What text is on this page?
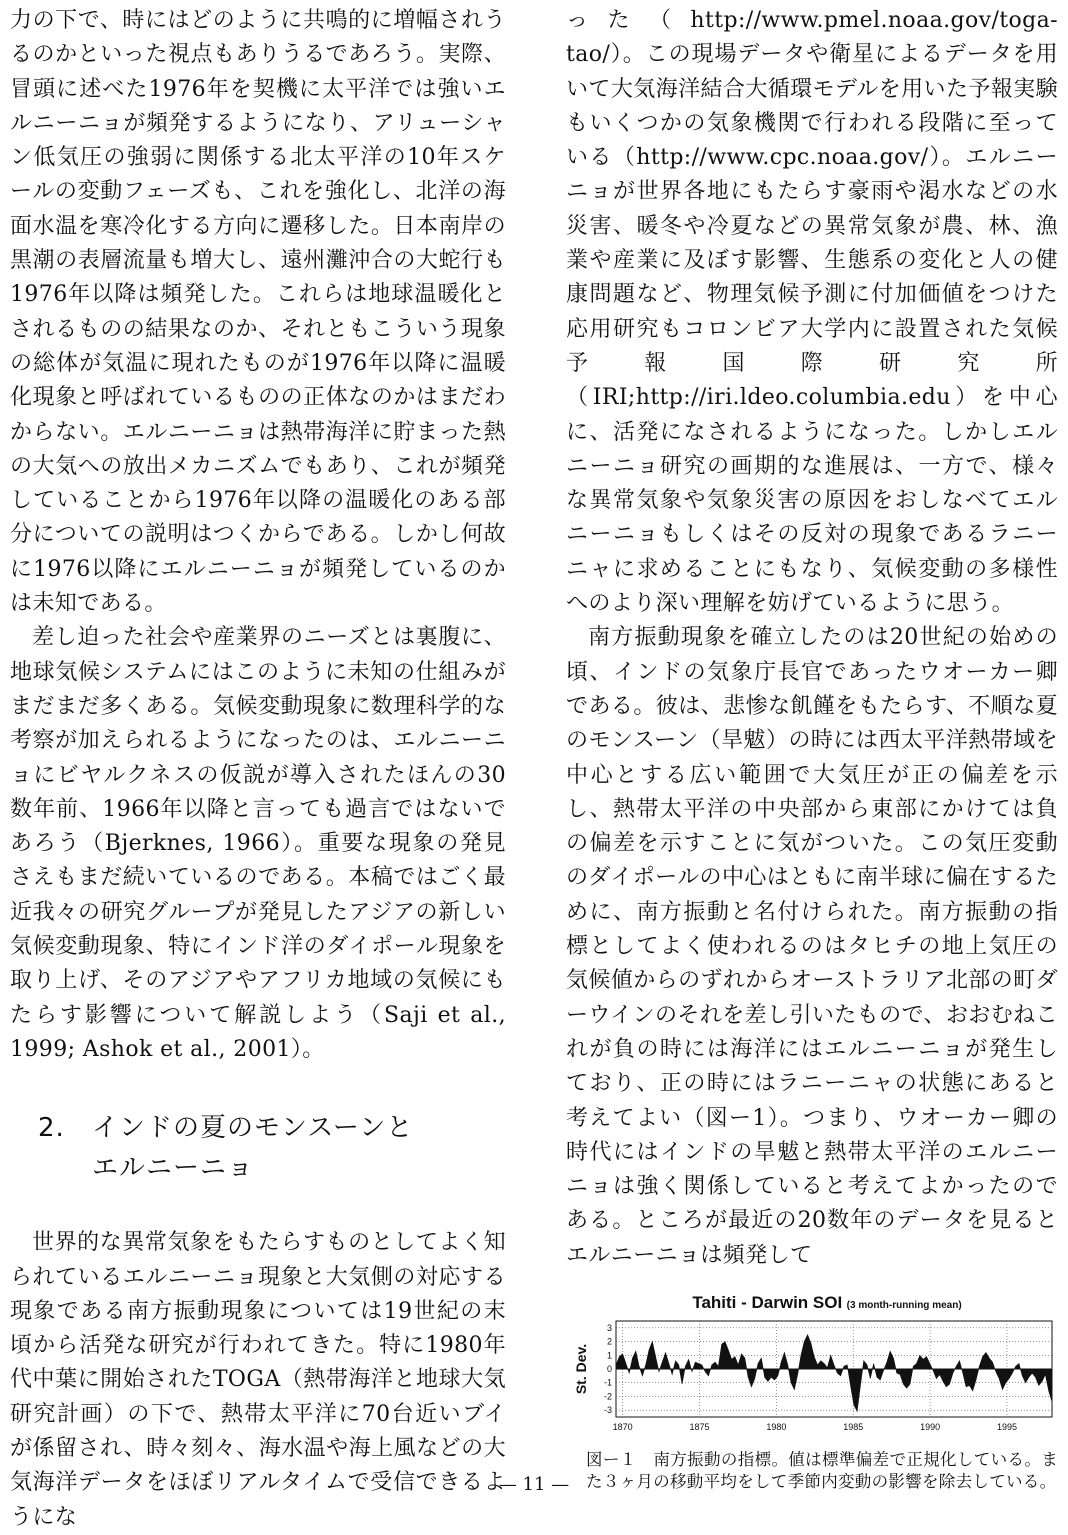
力の下で、時にはどのように共鳴的に増幅されうるのかといった視点もありうるであろう。実際、冒頭に述べた1976年を契機に太平洋では強いエルニーニョが頻発するようになり、アリューシャン低気圧の強弱に関係する北太平洋の10年スケールの変動フェーズも、これを強化し、北洋の海面水温を寒冷化する方向に遷移した。日本南岸の黒潮の表層流量も増大し、遠州灘沖合の大蛇行も1976年以降は頻発した。これらは地球温暖化とされるものの結果なのか、それともこういう現象の総体が気温に現れたものが1976年以降に温暖化現象と呼ばれているものの正体なのかはまだわからない。エルニーニョは熱帯海洋に貯まった熱の大気への放出メカニズムでもあり、これが頻発していることから1976年以降の温暖化のある部分についての説明はつくからである。しかし何故に1976以降にエルニーニョが頻発しているのかは未知である。

差し迫った社会や産業界のニーズとは裏腹に、地球気候システムにはこのように未知の仕組みがまだまだ多くある。気候変動現象に数理科学的な考察が加えられるようになったのは、エルニーニョにビヤルクネスの仮説が導入されたほんの30数年前、1966年以降と言っても過言ではないであろう（Bjerknes, 1966）。重要な現象の発見さえもまだ続いているのである。本稿ではごく最近我々の研究グループが発見したアジアの新しい気候変動現象、特にインド洋のダイポール現象を取り上げ、そのアジアやアフリカ地域の気候にもたらす影響について解説しよう（Saji et al., 1999; Ashok et al., 2001）。

2. インドの夏のモンスーンと
エルニーニョ

世界的な異常気象をもたらすものとしてよく知られているエルニーニョ現象と大気側の対応する現象である南方振動現象については19世紀の末頃から活発な研究が行われてきた。特に1980年代中葉に開始されたTOGA（熱帯海洋と地球大気研究計画）の下で、熱帯太平洋に70台近いブイが係留され、時々刻々、海水温や海上風などの大気海洋データをほぼリアルタイムで受信できるようにな

った（http://www.pmel.noaa.gov/toga-tao/）。この現場データや衛星によるデータを用いて大気海洋結合大循環モデルを用いた予報実験もいくつかの気象機関で行われる段階に至っている（http://www.cpc.noaa.gov/）。エルニーニョが世界各地にもたらす豪雨や渇水などの水災害、暖冬や冷夏などの異常気象が農、林、漁業や産業に及ぼす影響、生態系の変化と人の健康問題など、物理気候予測に付加価値をつけた応用研究もコロンビア大学内に設置された気候予報国際研究所（IRI;http://iri.ldeo.columbia.edu）を中心に、活発になされるようになった。しかしエルニーニョ研究の画期的な進展は、一方で、様々な異常気象や気象災害の原因をおしなべてエルニーニョもしくはその反対の現象であるラニーニャに求めることにもなり、気候変動の多様性へのより深い理解を妨げているように思う。

南方振動現象を確立したのは20世紀の始めの頃、インドの気象庁長官であったウオーカー卿である。彼は、悲惨な飢饉をもたらす、不順な夏のモンスーン（旱魃）の時には西太平洋熱帯域を中心とする広い範囲で大気圧が正の偏差を示し、熱帯太平洋の中央部から東部にかけては負の偏差を示すことに気がついた。この気圧変動のダイポールの中心はともに南半球に偏在するために、南方振動と名付けられた。南方振動の指標としてよく使われるのはタヒチの地上気圧の気候値からのずれからオーストラリア北部の町ダーウインのそれを差し引いたもので、おおむねこれが負の時には海洋にはエルニーニョが発生しており、正の時にはラニーニャの状態にあると考えてよい（図ー1）。つまり、ウオーカー卿の時代にはインドの旱魃と熱帯太平洋のエルニーニョは強く関係していると考えてよかったのである。ところが最近の20数年のデータを見るとエルニーニョは頻発して

Tahiti - Darwin SOI (3 month-running mean)
3
2
1
0
-1
-2
-3
1870	1875	1980	1985	1990	1995
St. Dev.

図ー１　南方振動の指標。値は標準偏差で正規化している。また３ヶ月の移動平均をして季節内変動の影響を除去している。

— 11 —
